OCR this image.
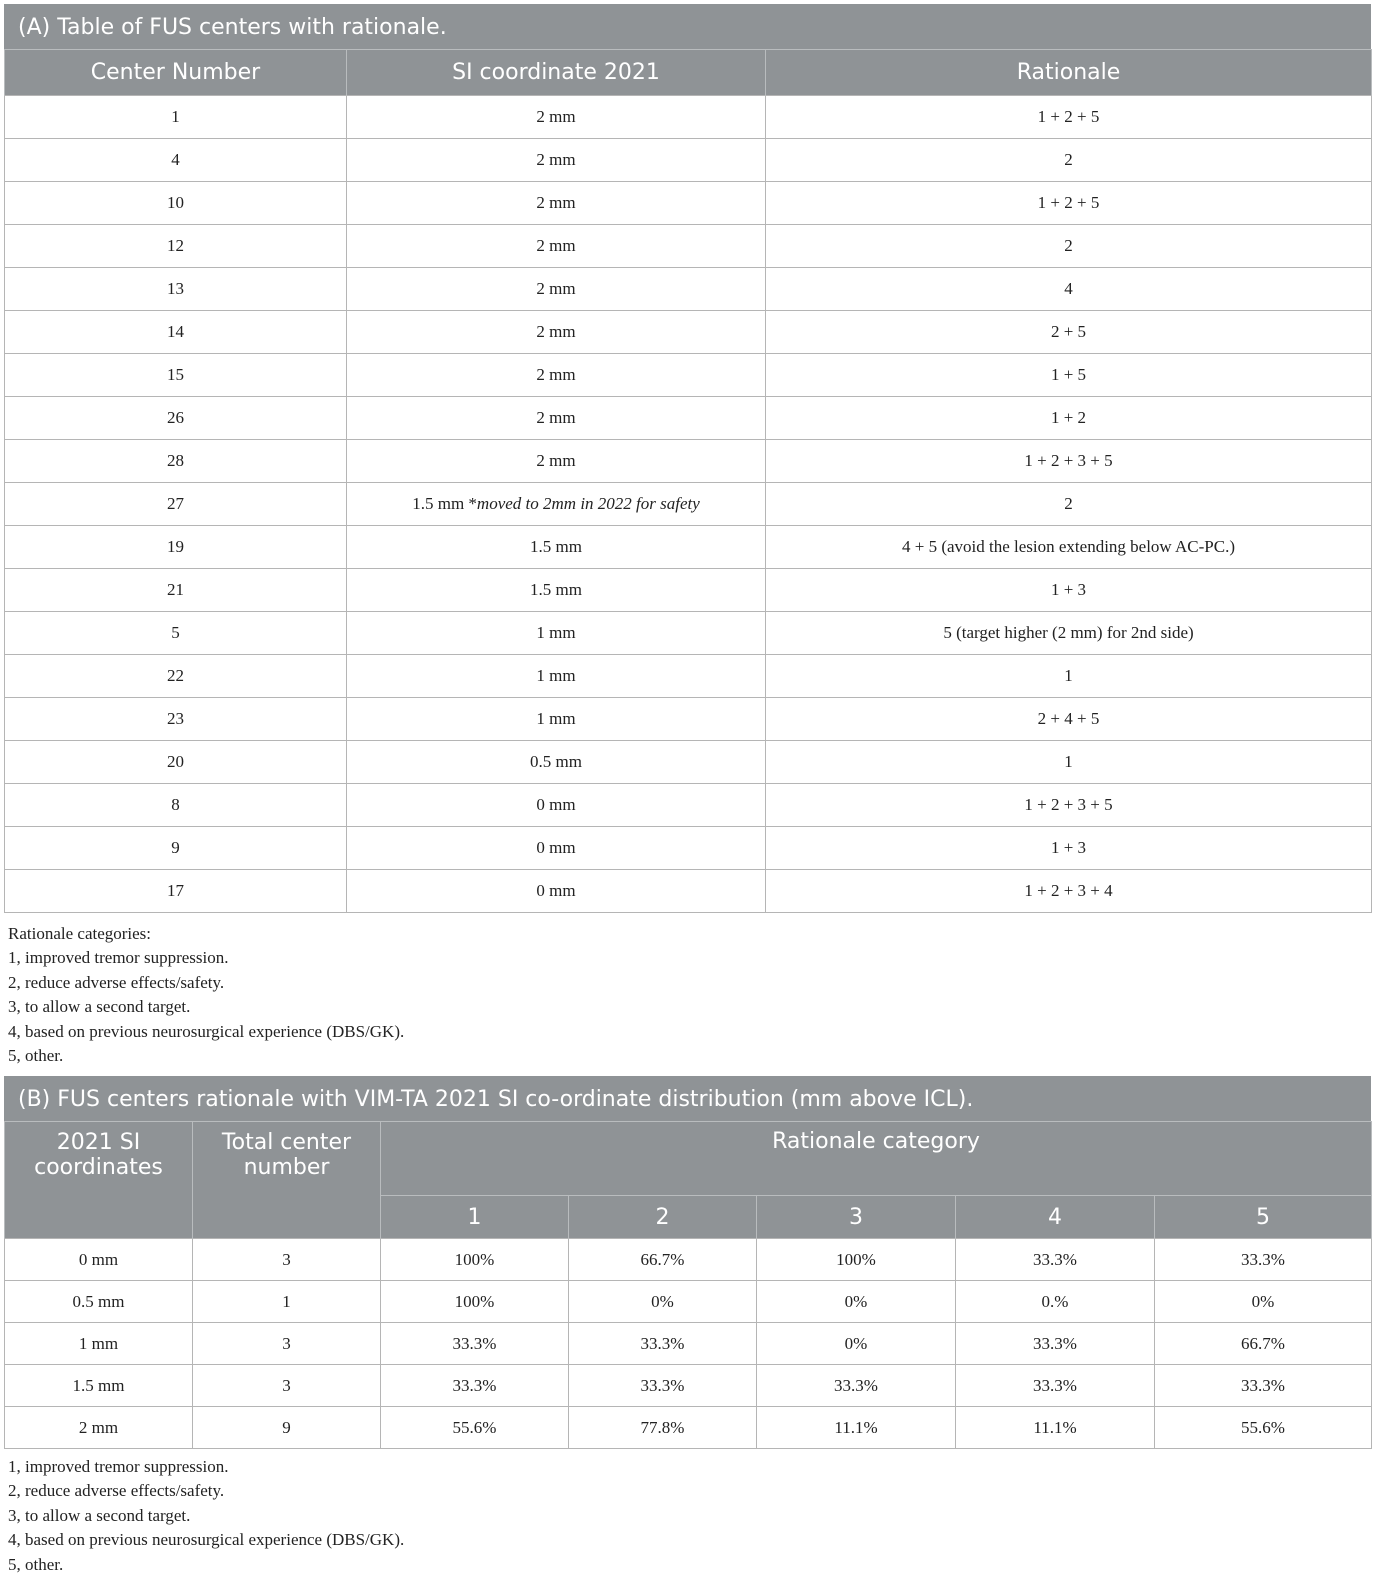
(A) Table of FUS centers with rationale.
Center Number	SI coordinate 2021	Rationale
1	2 mm	1 + 2 + 5
4	2 mm	2
10	2 mm	1 + 2 + 5
12	2 mm	2
13	2 mm	4
14	2 mm	2 + 5
15	2 mm	1 + 5
26	2 mm	1 + 2
28	2 mm	1 + 2 + 3 + 5
27	1.5 mm *moved to 2mm in 2022 for safety	2
19	1.5 mm	4 + 5 (avoid the lesion extending below AC-PC.)
21	1.5 mm	1 + 3
5	1 mm	5 (target higher (2 mm) for 2nd side)
22	1 mm	1
23	1 mm	2 + 4 + 5
20	0.5 mm	1
8	0 mm	1 + 2 + 3 + 5
9	0 mm	1 + 3
17	0 mm	1 + 2 + 3 + 4
Rationale categories:
1, improved tremor suppression.
2, reduce adverse effects/safety.
3, to allow a second target.
4, based on previous neurosurgical experience (DBS/GK).
5, other.
(B) FUS centers rationale with VIM-TA 2021 SI co-ordinate distribution (mm above ICL).
2021 SI coordinates	Total center number	Rationale category				
		1	2	3	4	5
0 mm	3	100%	66.7%	100%	33.3%	33.3%
0.5 mm	1	100%	0%	0%	0.%	0%
1 mm	3	33.3%	33.3%	0%	33.3%	66.7%
1.5 mm	3	33.3%	33.3%	33.3%	33.3%	33.3%
2 mm	9	55.6%	77.8%	11.1%	11.1%	55.6%
1, improved tremor suppression.
2, reduce adverse effects/safety.
3, to allow a second target.
4, based on previous neurosurgical experience (DBS/GK).
5, other.
